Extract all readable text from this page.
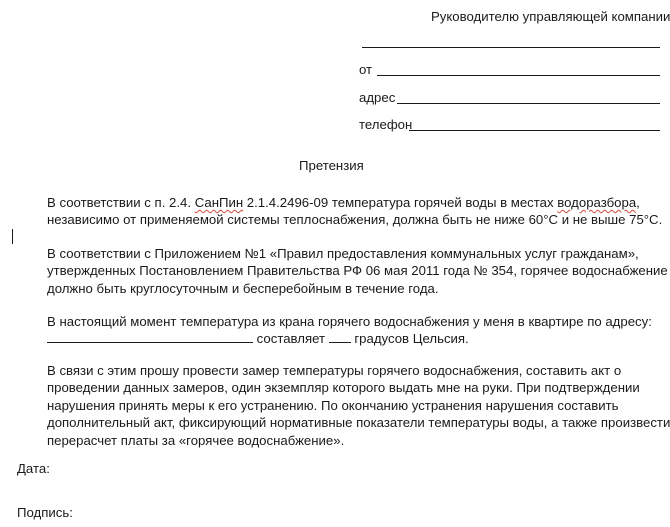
Руководителю управляющей компании
от
адрес
телефон
Претензия
В соответствии с п. 2.4. СанПин 2.1.4.2496-09 температура горячей воды в местах водоразбора,
независимо от применяемой системы теплоснабжения, должна быть не ниже 60°С и не выше 75°С.
В соответствии с Приложением №1 «Правил предоставления коммунальных услуг гражданам»,
утвержденных Постановлением Правительства РФ 06 мая 2011 года № 354, горячее водоснабжение
должно быть круглосуточным и бесперебойным в течение года.
В настоящий момент температура из крана горячего водоснабжения у меня в квартире по адресу:
составляет  градусов Цельсия.
В связи с этим прошу провести замер температуры горячего водоснабжения, составить акт о
проведении данных замеров, один экземпляр которого выдать мне на руки. При подтверждении
нарушения принять меры к его устранению. По окончанию устранения нарушения составить
дополнительный акт, фиксирующий нормативные показатели температуры воды, а также произвести
перерасчет платы за «горячее водоснабжение».
Дата:
Подпись:
